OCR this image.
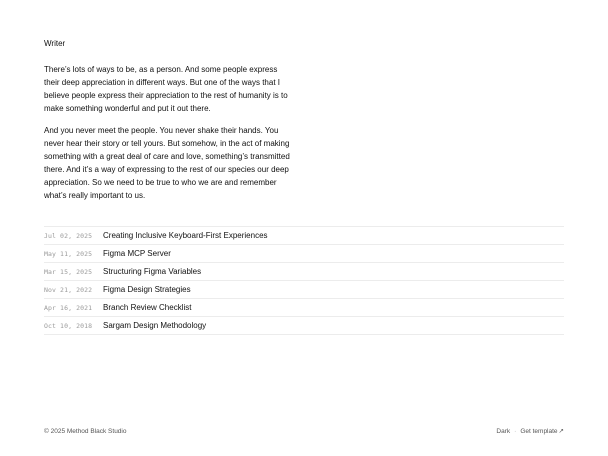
Writer

There’s lots of ways to be, as a person. And some people express their deep appreciation in different ways. But one of the ways that I believe people express their appreciation to the rest of humanity is to make something wonderful and put it out there.

And you never meet the people. You never shake their hands. You never hear their story or tell yours. But somehow, in the act of making something with a great deal of care and love, something’s transmitted there. And it’s a way of expressing to the rest of our species our deep appreciation. So we need to be true to who we are and remember what’s really important to us.

Jul 02, 2025	Creating Inclusive Keyboard-First Experiences
May 11, 2025	Figma MCP Server
Mar 15, 2025	Structuring Figma Variables
Nov 21, 2022	Figma Design Strategies
Apr 16, 2021	Branch Review Checklist
Oct 10, 2018	Sargam Design Methodology
© 2025 Method Black Studio	Dark · Get template↗
